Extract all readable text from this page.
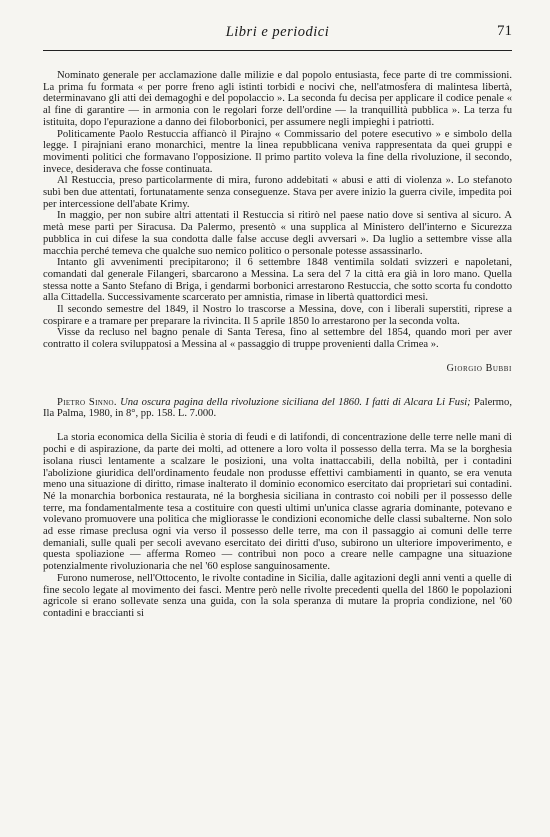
Libri e periodici	71

Nominato generale per acclamazione dalle milizie e dal popolo entusiasta, fece parte di tre commissioni. La prima fu formata « per porre freno agli istinti torbidi e nocivi che, nell'atmosfera di malintesa libertà, determinavano gli atti dei demagoghi e del popolaccio ». La seconda fu decisa per applicare il codice penale « al fine di garantire — in armonia con le regolari forze dell'ordine — la tranquillità pubblica ». La terza fu istituita, dopo l'epurazione a danno dei filoborbonici, per assumere negli impieghi i patriotti.

Politicamente Paolo Restuccia affiancò il Pirajno « Commissario del potere esecutivo » e simbolo della legge. I pirajniani erano monarchici, mentre la linea repubblicana veniva rappresentata da quei gruppi e movimenti politici che formavano l'opposizione. Il primo partito voleva la fine della rivoluzione, il secondo, invece, desiderava che fosse continuata.

Al Restuccia, preso particolarmente di mira, furono addebitati « abusi e atti di violenza ». Lo stefanoto subì ben due attentati, fortunatamente senza conseguenze. Stava per avere inizio la guerra civile, impedita poi per intercessione dell'abate Krimy.

In maggio, per non subire altri attentati il Restuccia si ritirò nel paese natio dove si sentiva al sicuro. A metà mese partì per Siracusa. Da Palermo, presentò « una supplica al Ministero dell'interno e Sicurezza pubblica in cui difese la sua condotta dalle false accuse degli avversari ». Da luglio a settembre visse alla macchia perché temeva che qualche suo nemico politico o personale potesse assassinarlo.

Intanto gli avvenimenti precipitarono; il 6 settembre 1848 ventimila soldati svizzeri e napoletani, comandati dal generale Filangeri, sbarcarono a Messina. La sera del 7 la città era già in loro mano. Quella stessa notte a Santo Stefano di Briga, i gendarmi borbonici arrestarono Restuccia, che sotto scorta fu condotto alla Cittadella. Successivamente scarcerato per amnistia, rimase in libertà quattordici mesi.

Il secondo semestre del 1849, il Nostro lo trascorse a Messina, dove, con i liberali superstiti, riprese a cospirare e a tramare per preparare la rivincita. Il 5 aprile 1850 lo arrestarono per la seconda volta.

Visse da recluso nel bagno penale di Santa Teresa, fino al settembre del 1854, quando morì per aver contratto il colera sviluppatosi a Messina al « passaggio di truppe provenienti dalla Crimea ».

Giorgio Bubbi
Pietro Sinno. Una oscura pagina della rivoluzione siciliana del 1860. I fatti di Alcara Li Fusi; Palermo, Ila Palma, 1980, in 8°, pp. 158. L. 7.000.

La storia economica della Sicilia è storia di feudi e di latifondi, di concentrazione delle terre nelle mani di pochi e di aspirazione, da parte dei molti, ad ottenere a loro volta il possesso della terra. Ma se la borghesia isolana riuscì lentamente a scalzare le posizioni, una volta inattaccabili, della nobiltà, per i contadini l'abolizione giuridica dell'ordinamento feudale non produsse effettivi cambiamenti in quanto, se era venuta meno una situazione di diritto, rimase inalterato il dominio economico esercitato dai proprietari sui contadini. Né la monarchia borbonica restaurata, né la borghesia siciliana in contrasto coi nobili per il possesso delle terre, ma fondamentalmente tesa a costituire con questi ultimi un'unica classe agraria dominante, potevano e volevano promuovere una politica che migliorasse le condizioni economiche delle classi subalterne. Non solo ad esse rimase preclusa ogni via verso il possesso delle terre, ma con il passaggio ai comuni delle terre demaniali, sulle quali per secoli avevano esercitato dei diritti d'uso, subirono un ulteriore impoverimento, e questa spoliazione — afferma Romeo — contribuì non poco a creare nelle campagne una situazione potenzialmente rivoluzionaria che nel '60 esplose sanguinosamente.

Furono numerose, nell'Ottocento, le rivolte contadine in Sicilia, dalle agitazioni degli anni venti a quelle di fine secolo legate al movimento dei fasci. Mentre però nelle rivolte precedenti quella del 1860 le popolazioni agricole si erano sollevate senza una guida, con la sola speranza di mutare la propria condizione, nel '60 contadini e braccianti si
